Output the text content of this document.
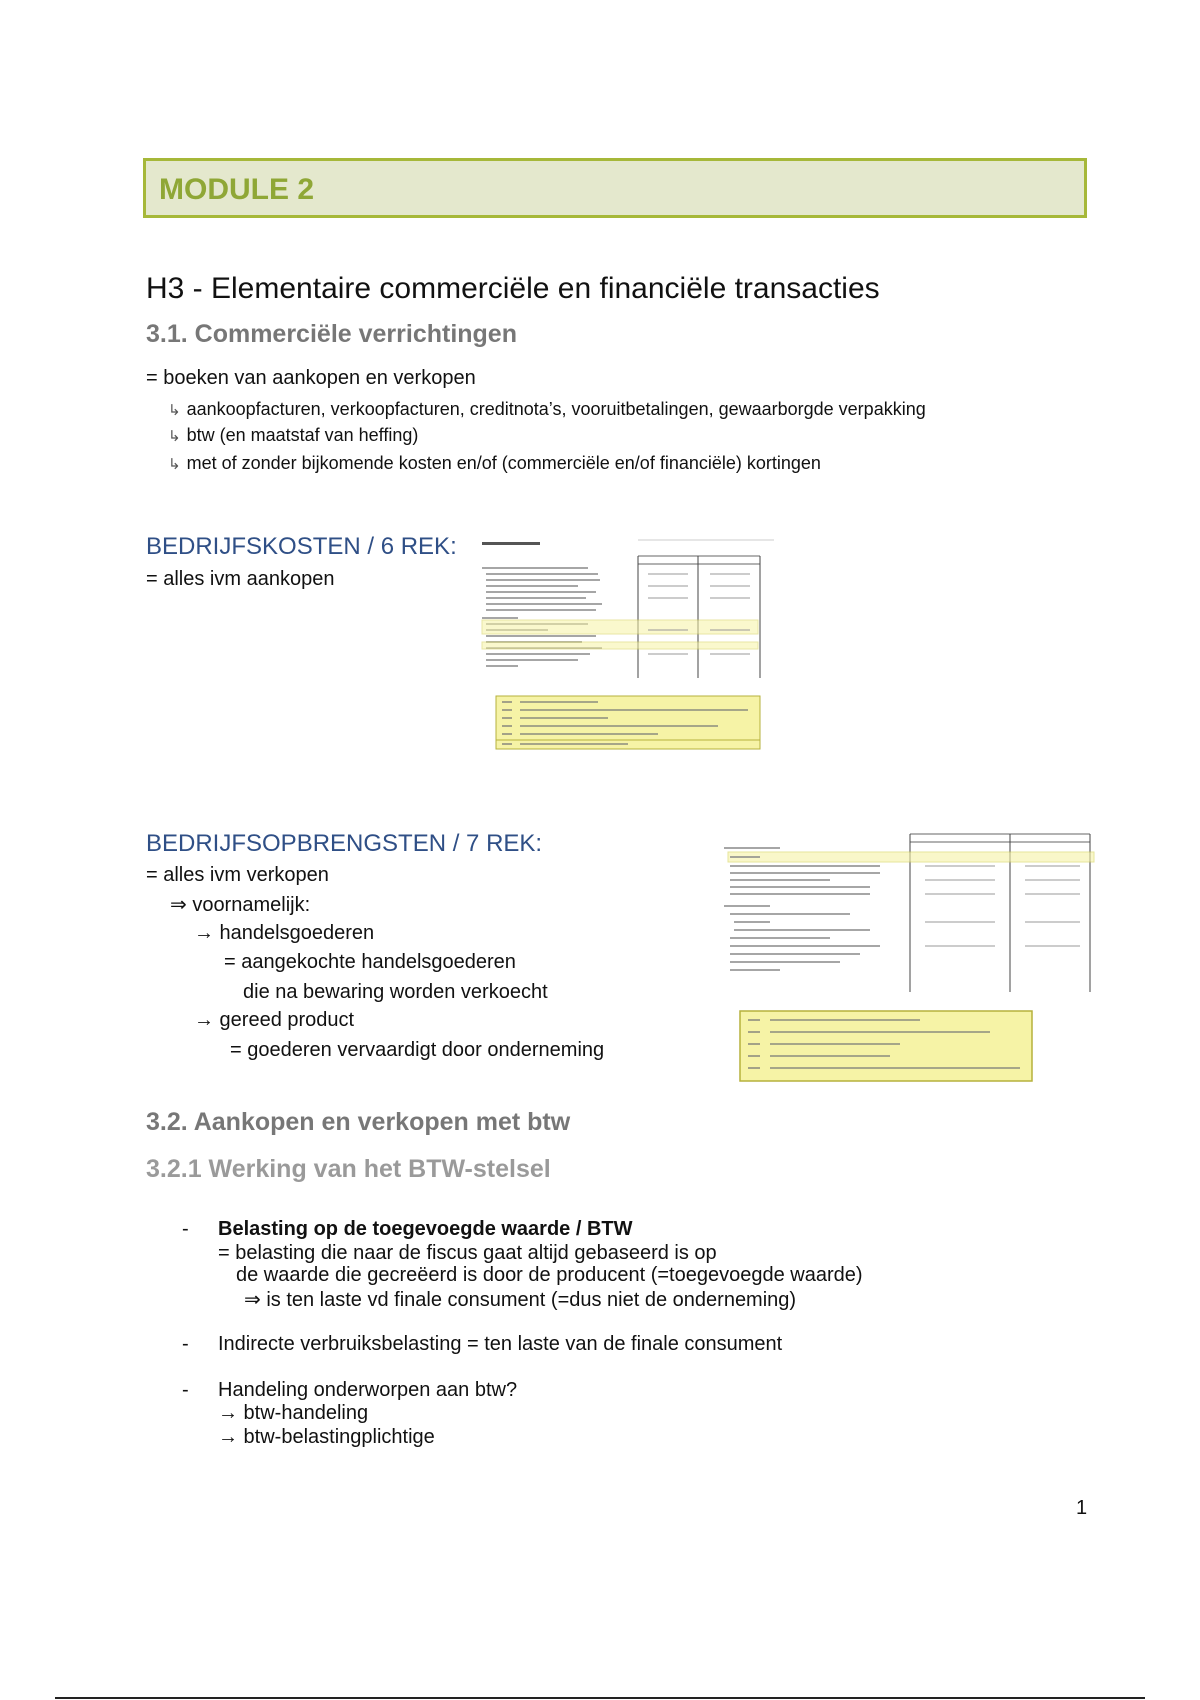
MODULE 2
H3 - Elementaire commerciële en financiële transacties
3.1. Commerciële verrichtingen
= boeken van aankopen en verkopen
↳ aankoopfacturen, verkoopfacturen, creditnota’s, vooruitbetalingen, gewaarborgde verpakking
↳ btw (en maatstaf van heffing)
↳ met of zonder bijkomende kosten en/of (commerciële en/of financiële) kortingen
BEDRIJFSKOSTEN / 6 REK:
= alles ivm aankopen
BEDRIJFSOPBRENGSTEN / 7 REK:
= alles ivm verkopen
⇒ voornamelijk:
→ handelsgoederen
= aangekochte handelsgoederen
die na bewaring worden verkoecht
→ gereed product
= goederen vervaardigt door onderneming
3.2. Aankopen en verkopen met btw
3.2.1 Werking van het BTW-stelsel
- Belasting op de toegevoegde waarde / BTW
= belasting die naar de fiscus gaat altijd gebaseerd is op
de waarde die gecreëerd is door de producent (=toegevoegde waarde)
⇒ is ten laste vd finale consument (=dus niet de onderneming)
- Indirecte verbruiksbelasting = ten laste van de finale consument
- Handeling onderworpen aan btw?
→ btw-handeling
→ btw-belastingplichtige
1
